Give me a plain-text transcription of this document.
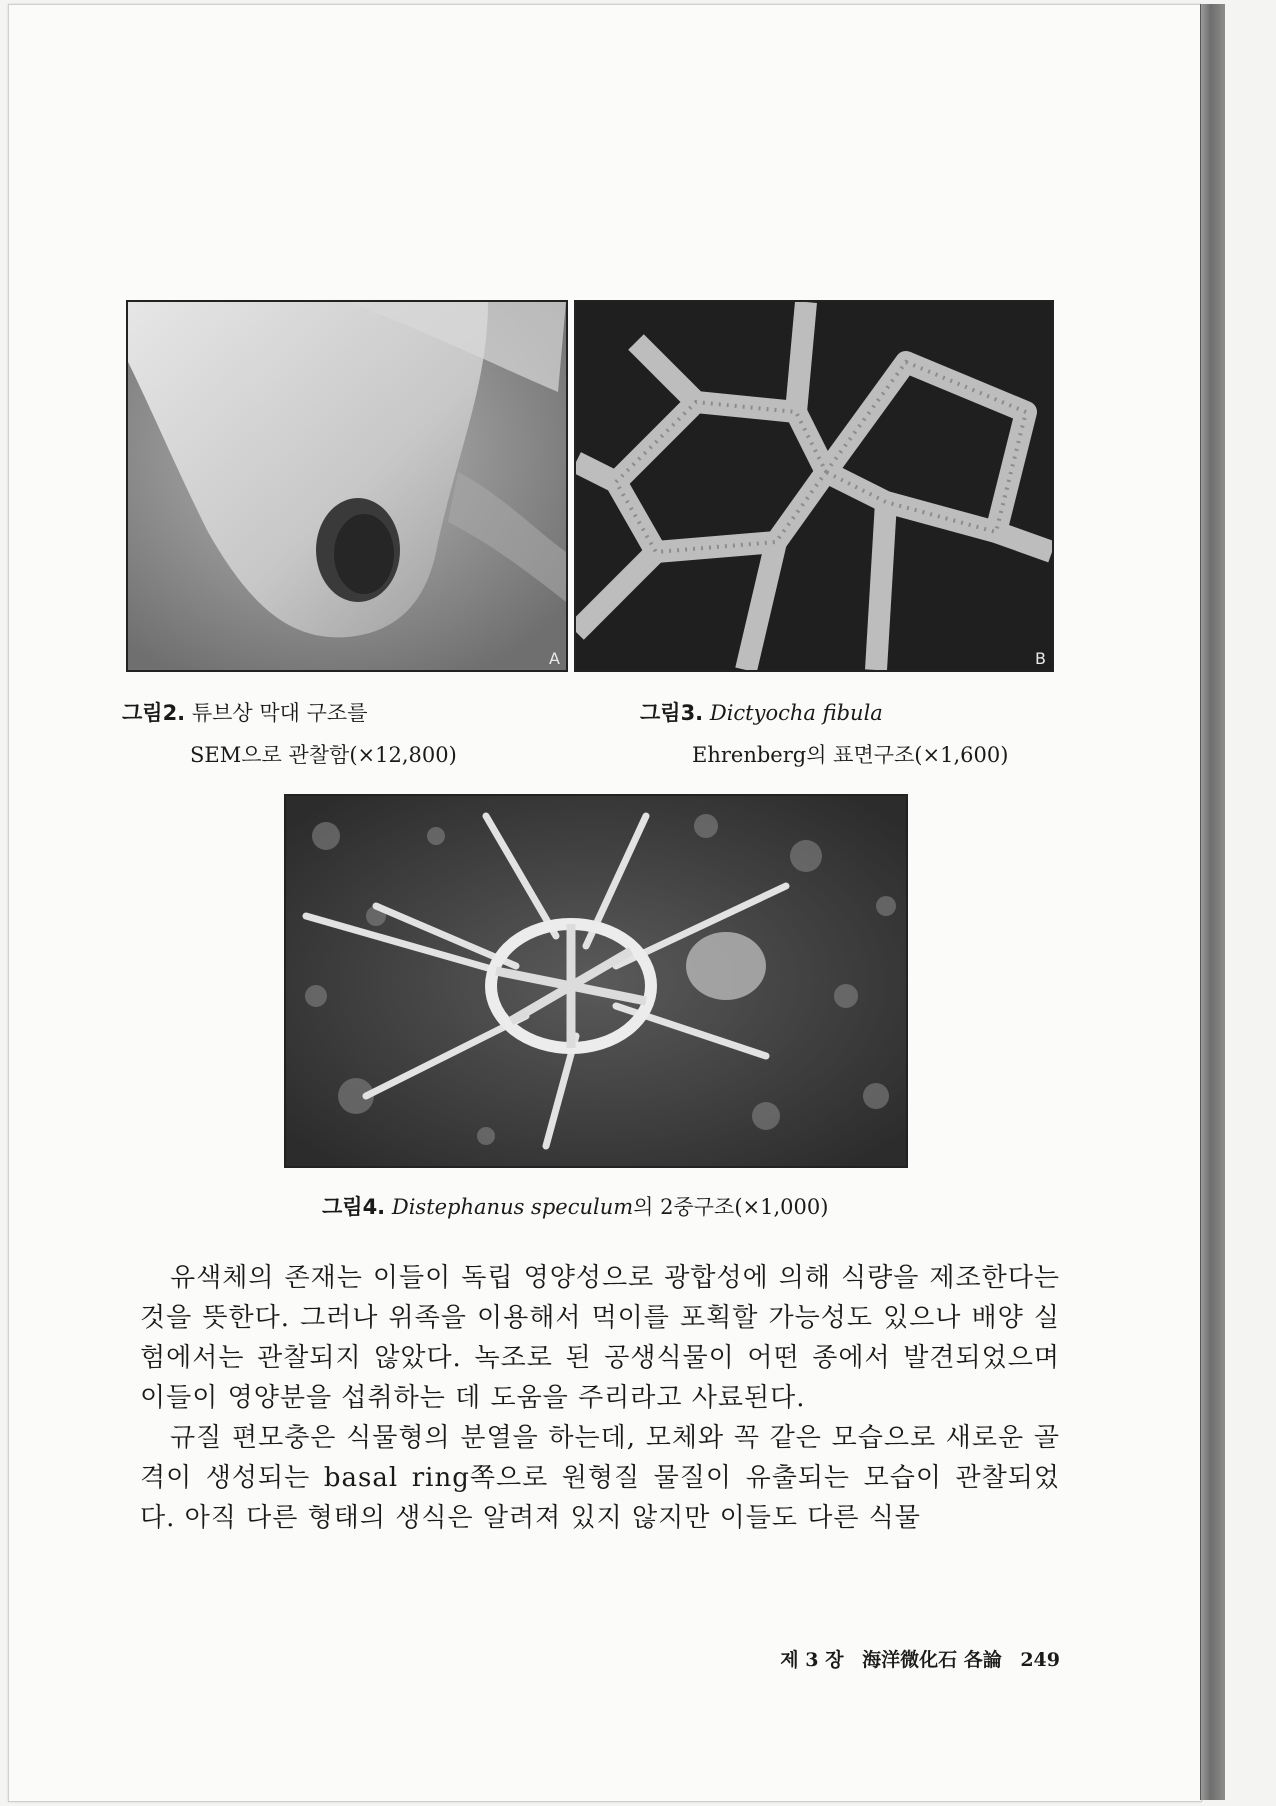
A	B
그림2. 튜브상 막대 구조를
SEM으로 관찰함(×12,800)
그림3. Dictyocha fibula
Ehrenberg의 표면구조(×1,600)
그림4. Distephanus speculum의 2중구조(×1,000)

유색체의 존재는 이들이 독립 영양성으로 광합성에 의해 식량을 제조한다는 것을 뜻한다. 그러나 위족을 이용해서 먹이를 포획할 가능성도 있으나 배양 실험에서는 관찰되지 않았다. 녹조로 된 공생식물이 어떤 종에서 발견되었으며 이들이 영양분을 섭취하는 데 도움을 주리라고 사료된다.

규질 편모충은 식물형의 분열을 하는데, 모체와 꼭 같은 모습으로 새로운 골격이 생성되는 basal ring쪽으로 원형질 물질이 유출되는 모습이 관찰되었다. 아직 다른 형태의 생식은 알려져 있지 않지만 이들도 다른 식물

제 3 장 海洋微化石 各論 249
